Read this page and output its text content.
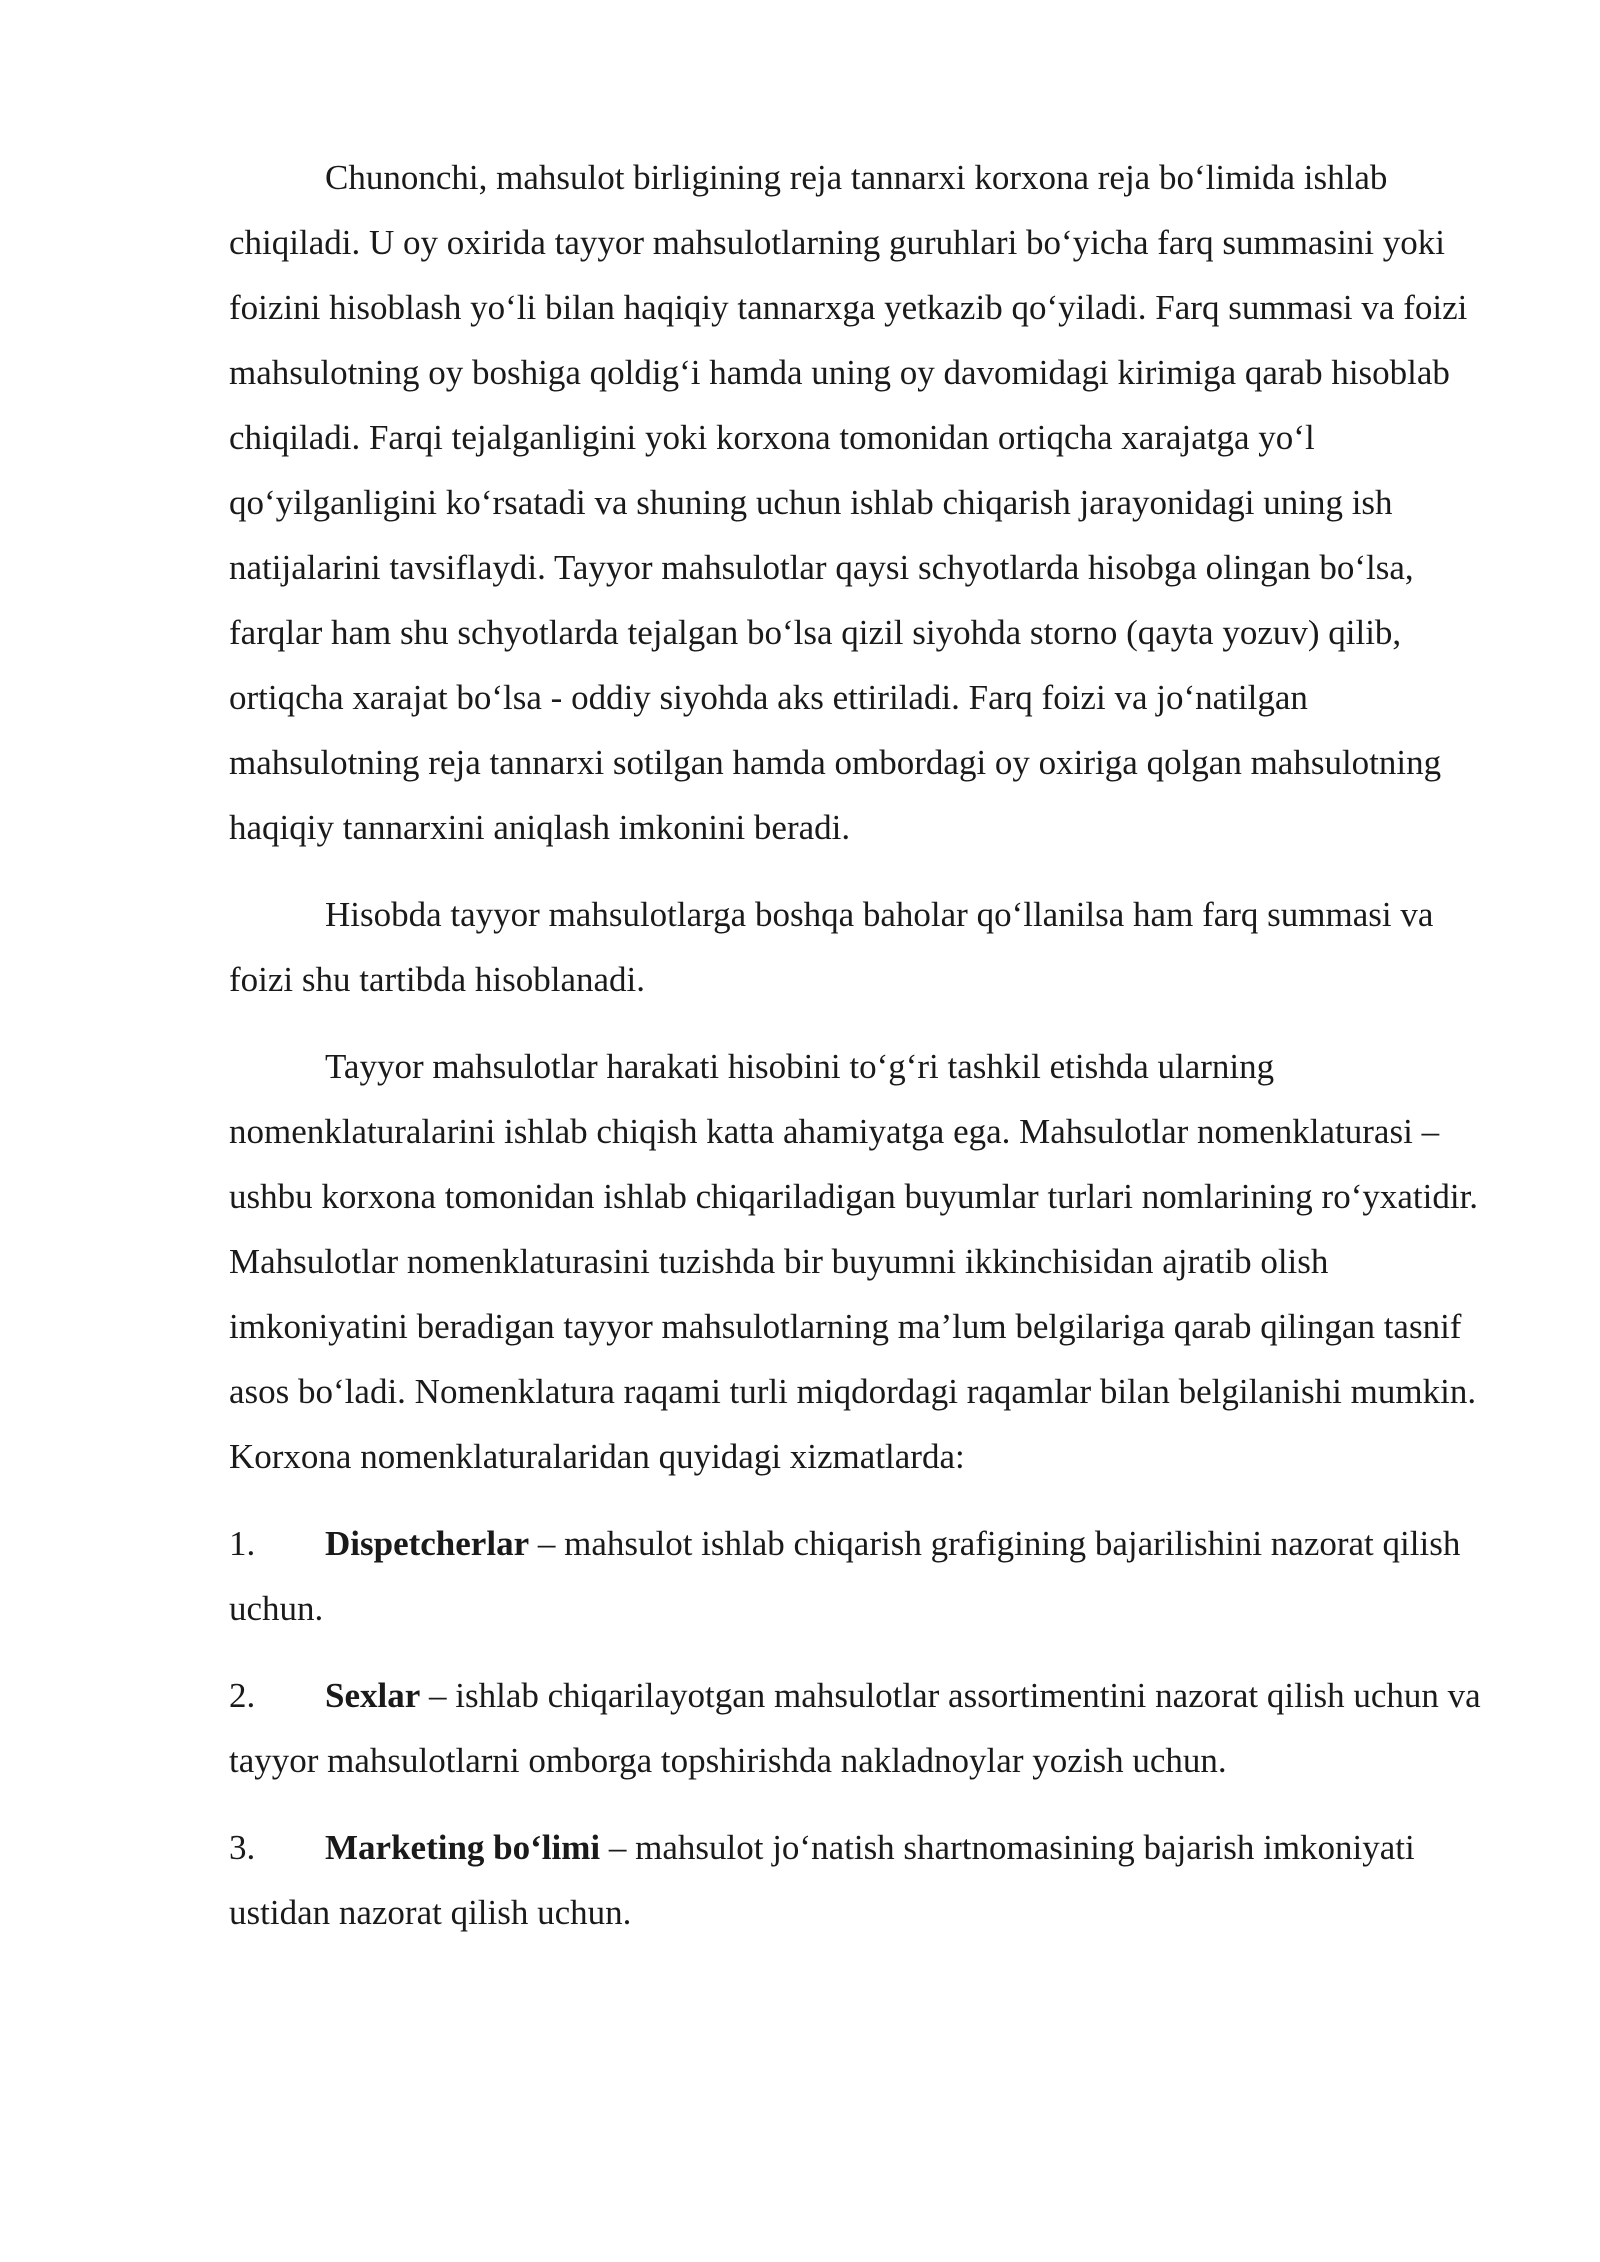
Chunonchi, mahsulot birligining reja tannarxi korxona reja bo‘limida ishlab chiqiladi. U oy oxirida tayyor mahsulotlarning guruhlari bo‘yicha farq summasini yoki foizini hisoblash yo‘li bilan haqiqiy tannarxga yetkazib qo‘yiladi. Farq summasi va foizi mahsulotning oy boshiga qoldig‘i hamda uning oy davomidagi kirimiga qarab hisoblab chiqiladi. Farqi tejalganligini yoki korxona tomonidan ortiqcha xarajatga yo‘l qo‘yilganligini ko‘rsatadi va shuning uchun ishlab chiqarish jarayonidagi uning ish natijalarini tavsiflaydi. Tayyor mahsulotlar qaysi schyotlarda hisobga olingan bo‘lsa, farqlar ham shu schyotlarda tejalgan bo‘lsa qizil siyohda storno (qayta yozuv) qilib, ortiqcha xarajat bo‘lsa - oddiy siyohda aks ettiriladi. Farq foizi va jo‘natilgan mahsulotning reja tannarxi sotilgan hamda ombordagi oy oxiriga qolgan mahsulotning haqiqiy tannarxini aniqlash imkonini beradi.

Hisobda tayyor mahsulotlarga boshqa baholar qo‘llanilsa ham farq summasi va foizi shu tartibda hisoblanadi.

Tayyor mahsulotlar harakati hisobini to‘g‘ri tashkil etishda ularning nomenklaturalarini ishlab chiqish katta ahamiyatga ega. Mahsulotlar nomenklaturasi – ushbu korxona tomonidan ishlab chiqariladigan buyumlar turlari nomlarining ro‘yxatidir. Mahsulotlar nomenklaturasini tuzishda bir buyumni ikkinchisidan ajratib olish imkoniyatini beradigan tayyor mahsulotlarning ma’lum belgilariga qarab qilingan tasnif asos bo‘ladi. Nomenklatura raqami turli miqdordagi raqamlar bilan belgilanishi mumkin. Korxona nomenklaturalaridan quyidagi xizmatlarda:

1. Dispetcherlar – mahsulot ishlab chiqarish grafigining bajarilishini nazorat qilish uchun.
2. Sexlar – ishlab chiqarilayotgan mahsulotlar assortimentini nazorat qilish uchun va tayyor mahsulotlarni omborga topshirishda nakladnoylar yozish uchun.
3. Marketing bo‘limi – mahsulot jo‘natish shartnomasining bajarish imkoniyati ustidan nazorat qilish uchun.
